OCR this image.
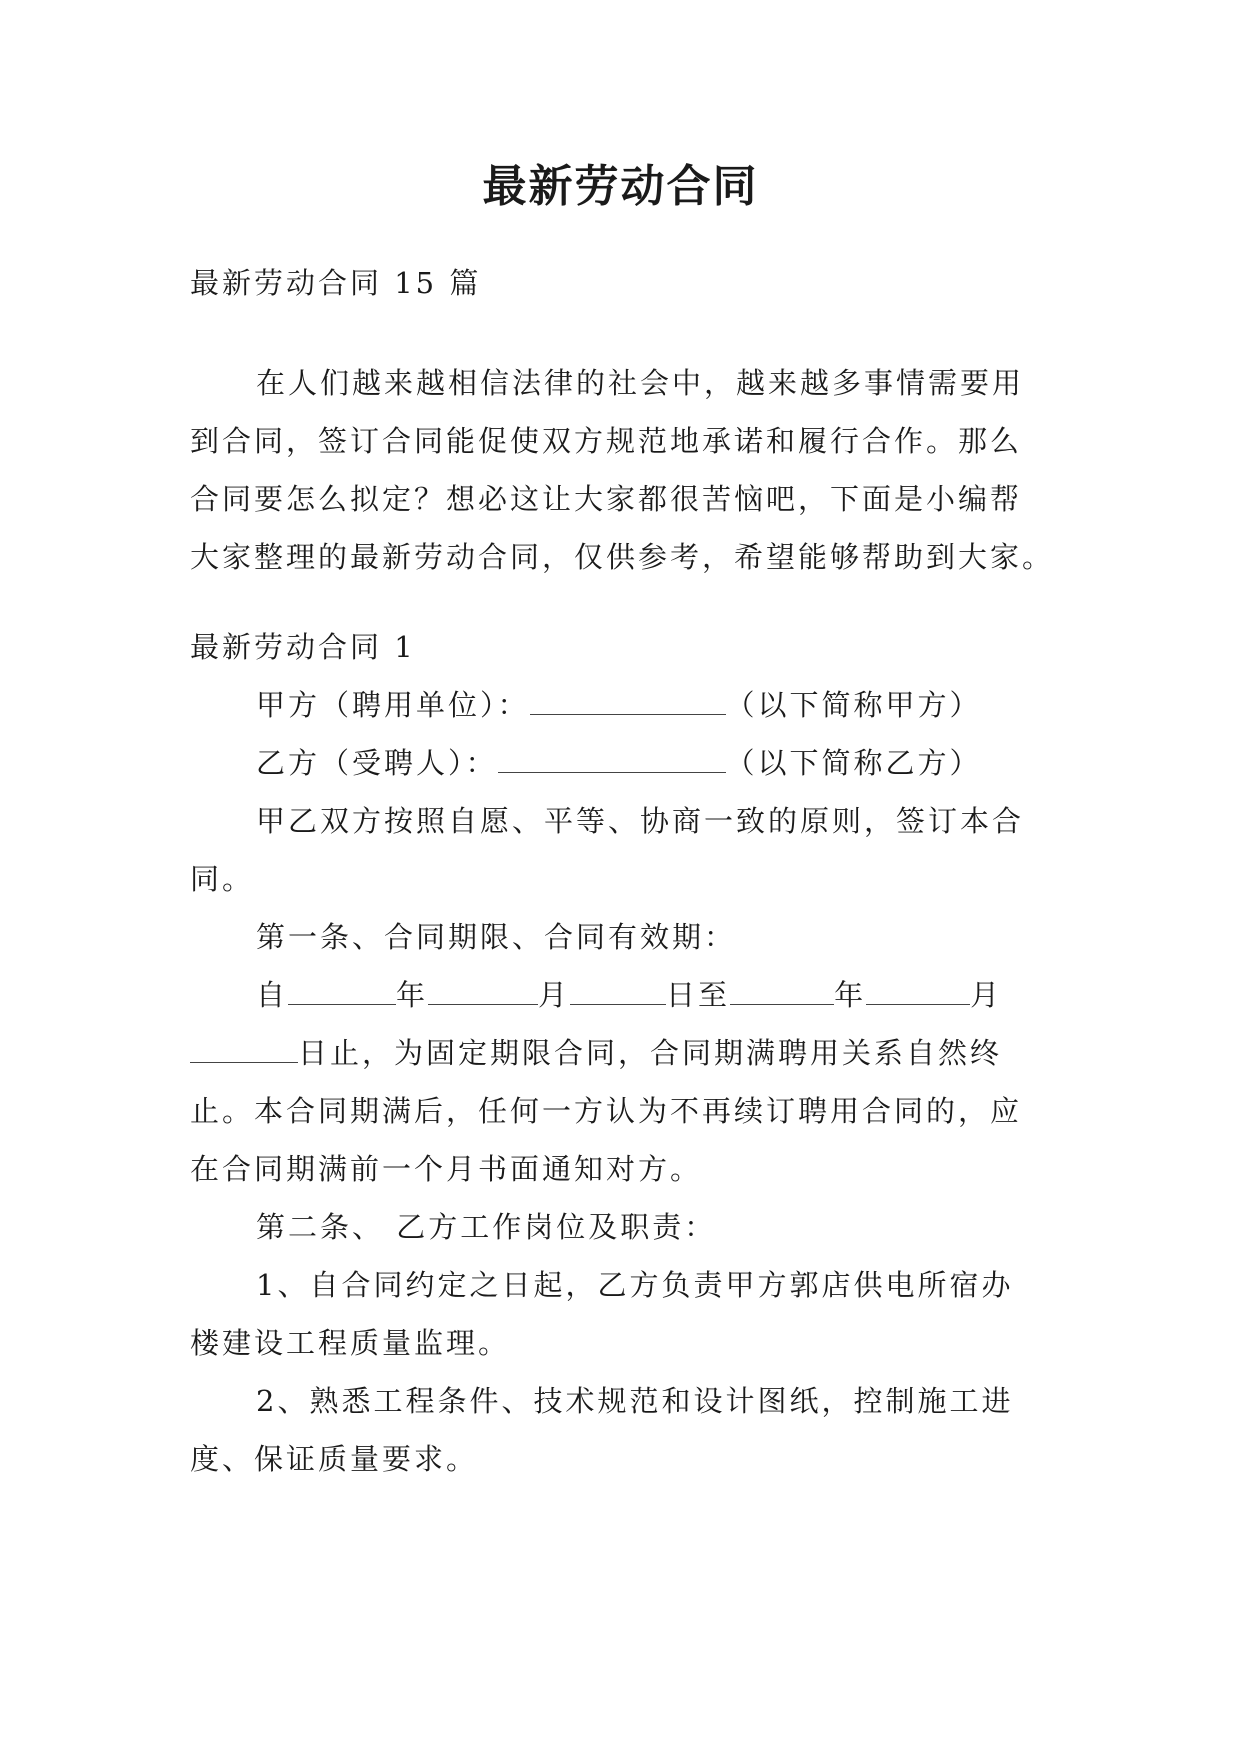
最新劳动合同
最新劳动合同 15 篇
在人们越来越相信法律的社会中，越来越多事情需要用
到合同，签订合同能促使双方规范地承诺和履行合作。那么
合同要怎么拟定？想必这让大家都很苦恼吧，下面是小编帮
大家整理的最新劳动合同，仅供参考，希望能够帮助到大家。
最新劳动合同 1
甲方（聘用单位）：	（以下简称甲方）
乙方（受聘人）：	（以下简称乙方）
甲乙双方按照自愿、平等、协商一致的原则，签订本合
同。
第一条、合同期限、合同有效期：
自	年	月	日至	年	月
日止，为固定期限合同，合同期满聘用关系自然终
止。本合同期满后，任何一方认为不再续订聘用合同的，应
在合同期满前一个月书面通知对方。
第二条、 乙方工作岗位及职责：
1、自合同约定之日起，乙方负责甲方郭店供电所宿办
楼建设工程质量监理。
2、熟悉工程条件、技术规范和设计图纸，控制施工进
度、保证质量要求。
